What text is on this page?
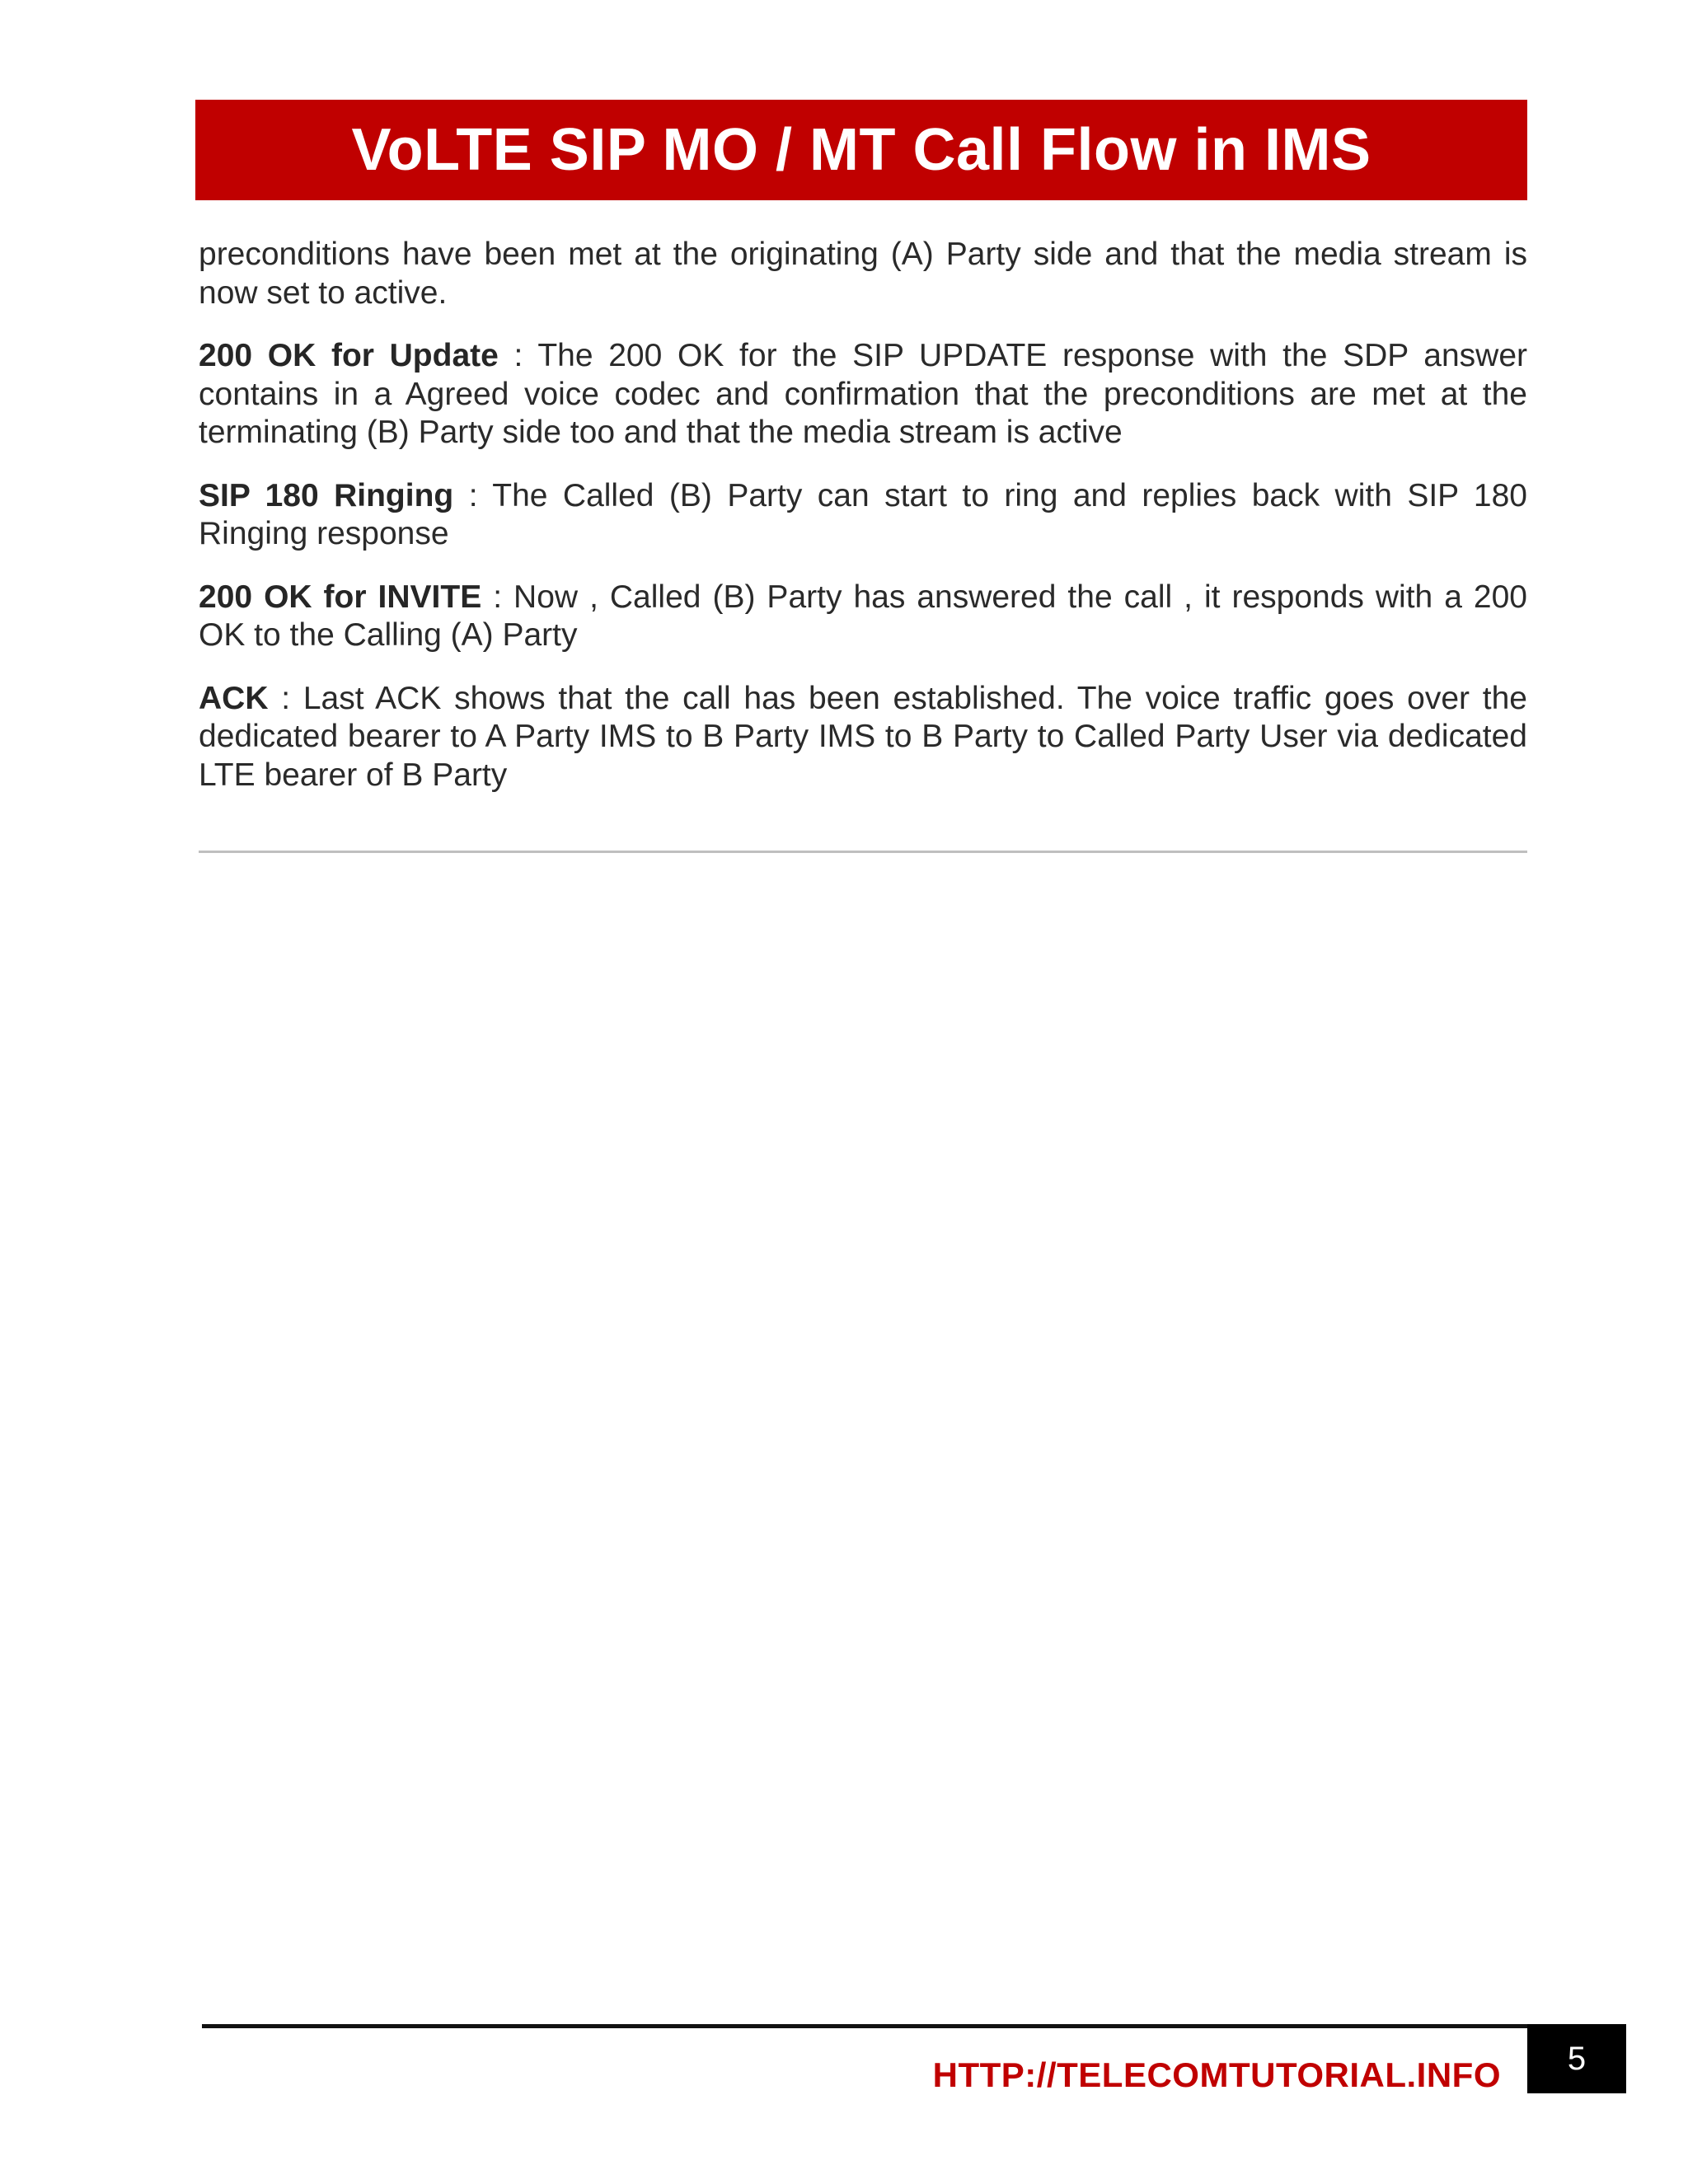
VoLTE SIP MO / MT Call Flow in IMS

preconditions have been met at the originating (A) Party side and that the media stream is now set to active.

200 OK for Update : The 200 OK for the SIP UPDATE response with the SDP answer contains in a Agreed voice codec and confirmation that the preconditions are met at the terminating (B) Party side too and that the media stream is active

SIP 180 Ringing : The Called (B) Party can start to ring and replies back with SIP 180 Ringing response

200 OK for INVITE : Now , Called (B) Party has answered the call , it responds with a 200 OK to the Calling (A) Party

ACK : Last ACK shows that the call has been established. The voice traffic goes over the dedicated bearer to A Party IMS to B Party IMS to B Party to Called Party User via dedicated LTE bearer of B Party

HTTP://TELECOMTUTORIAL.INFO 5
